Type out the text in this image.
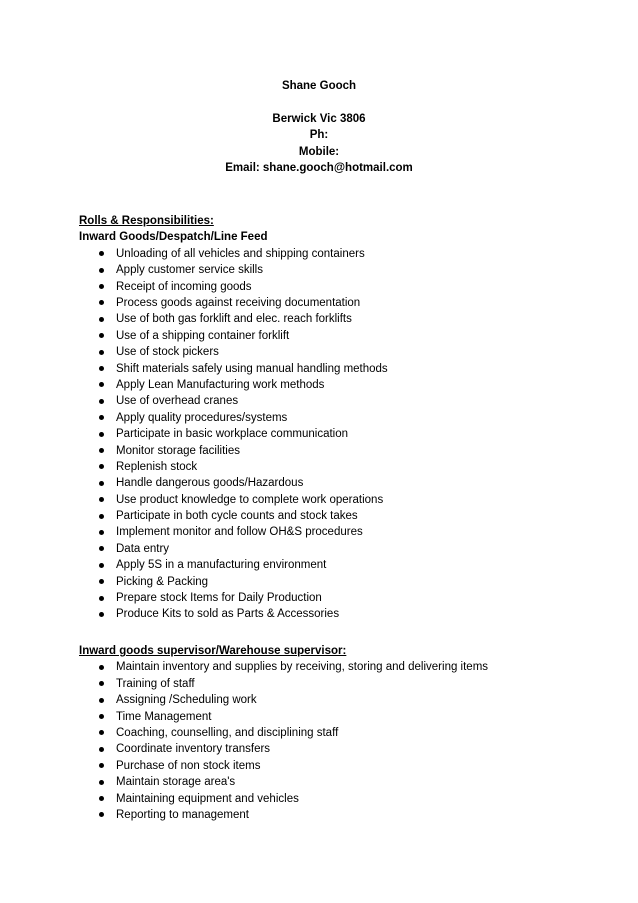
Shane Gooch
Berwick Vic 3806
Ph:
Mobile:
Email: shane.gooch@hotmail.com
Rolls & Responsibilities:
Inward Goods/Despatch/Line Feed
Unloading of all vehicles and shipping containers
Apply customer service skills
Receipt of incoming goods
Process goods against receiving documentation
Use of both gas forklift and elec. reach forklifts
Use of a shipping container forklift
Use of stock pickers
Shift materials safely using manual handling methods
Apply Lean Manufacturing work methods
Use of overhead cranes
Apply quality procedures/systems
Participate in basic workplace communication
Monitor storage facilities
Replenish stock
Handle dangerous goods/Hazardous
Use product knowledge to complete work operations
Participate in both cycle counts and stock takes
Implement monitor and follow OH&S procedures
Data entry
Apply 5S in a manufacturing environment
Picking & Packing
Prepare stock Items for Daily Production
Produce Kits to sold as Parts & Accessories
Inward goods supervisor/Warehouse supervisor:
Maintain inventory and supplies by receiving, storing and delivering items
Training of staff
Assigning /Scheduling work
Time Management
Coaching, counselling, and disciplining staff
Coordinate inventory transfers
Purchase of non stock items
Maintain storage area's
Maintaining equipment and vehicles
Reporting to management
